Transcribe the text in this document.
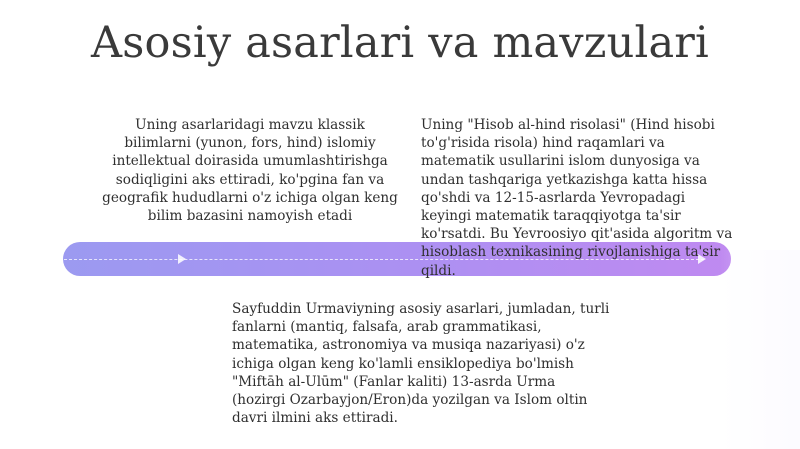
Asosiy asarlari va mavzulari
Uning asarlaridagi mavzu klassik bilimlarni (yunon, fors, hind) islomiy intellektual doirasida umumlashtirishga sodiqligini aks ettiradi, ko'pgina fan va geografik hududlarni o'z ichiga olgan keng bilim bazasini namoyish etadi
Uning "Hisob al-hind risolasi" (Hind hisobi to'g'risida risola) hind raqamlari va matematik usullarini islom dunyosiga va undan tashqariga yetkazishga katta hissa qo'shdi va 12-15-asrlarda Yevropadagi keyingi matematik taraqqiyotga ta'sir ko'rsatdi. Bu Yevroosiyo qit'asida algoritm va hisoblash texnikasining rivojlanishiga ta'sir qildi.
Sayfuddin Urmaviyning asosiy asarlari, jumladan, turli fanlarni (mantiq, falsafa, arab grammatikasi, matematika, astronomiya va musiqa nazariyasi) o'z ichiga olgan keng ko'lamli ensiklopediya bo'lmish "Miftāh al-Ulūm" (Fanlar kaliti) 13-asrda Urma (hozirgi Ozarbayjon/Eron)da yozilgan va Islom oltin davri ilmini aks ettiradi.
